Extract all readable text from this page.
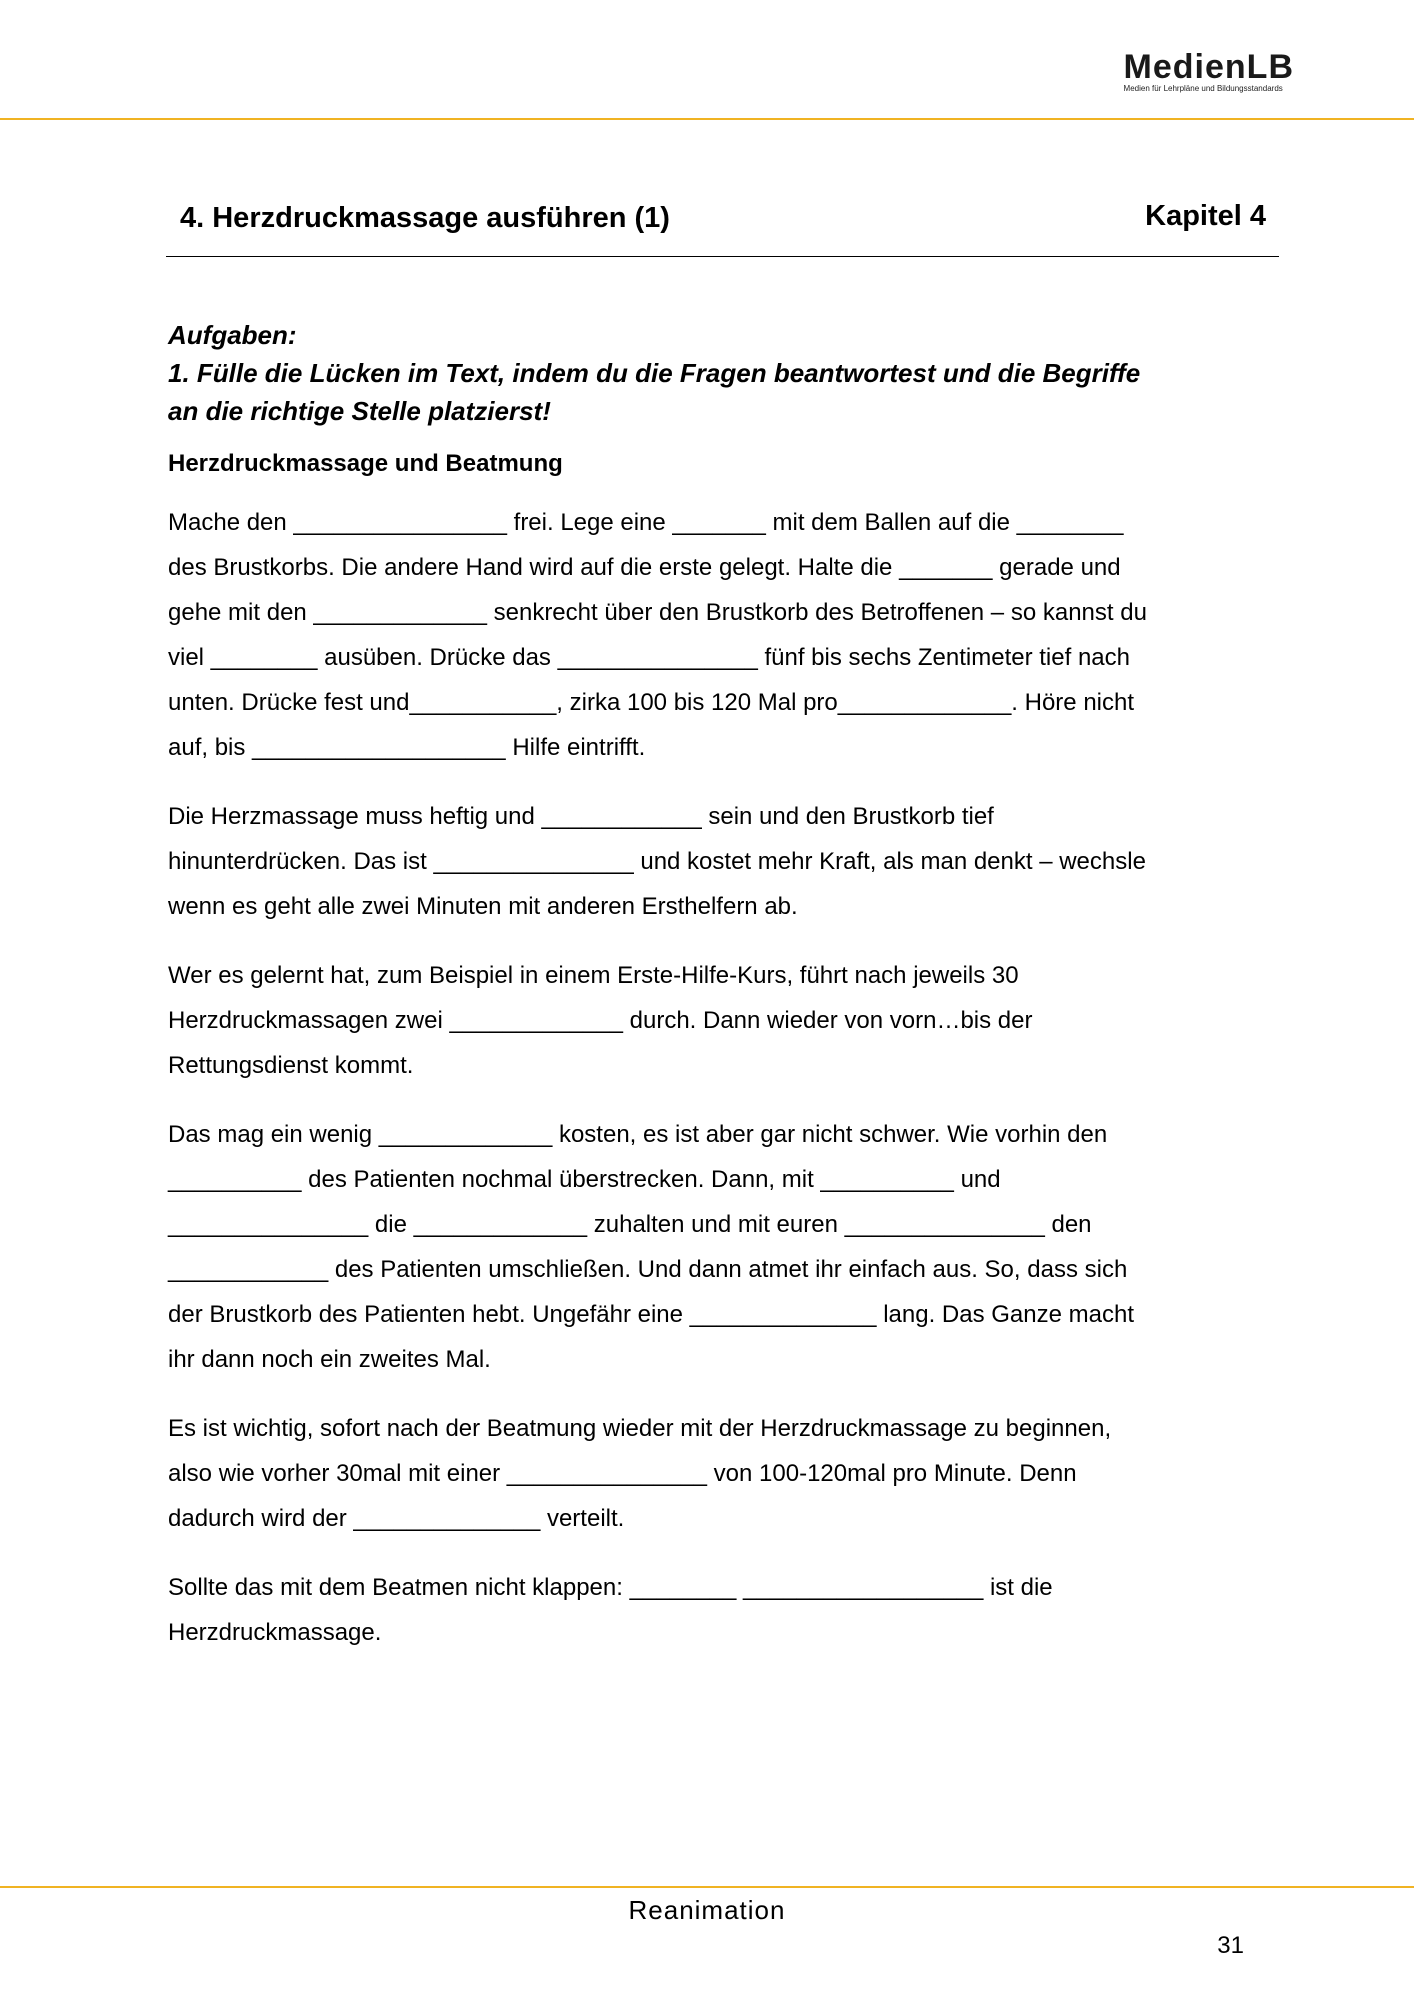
MedienLB
Medien für Lehrpläne und Bildungsstandards
4. Herzdruckmassage ausführen (1)	Kapitel 4
Aufgaben:
1. Fülle die Lücken im Text, indem du die Fragen beantwortest und die Begriffe
an die richtige Stelle platzierst!
Herzdruckmassage und Beatmung
Mache den ________________ frei. Lege eine _______ mit dem Ballen auf die ________
des Brustkorbs. Die andere Hand wird auf die erste gelegt. Halte die _______ gerade und
gehe mit den _____________ senkrecht über den Brustkorb des Betroffenen – so kannst du
viel ________ ausüben. Drücke das _______________ fünf bis sechs Zentimeter tief nach
unten. Drücke fest und___________, zirka 100 bis 120 Mal pro_____________. Höre nicht
auf, bis ___________________ Hilfe eintrifft.
Die Herzmassage muss heftig und ____________ sein und den Brustkorb tief
hinunterdrücken. Das ist _______________ und kostet mehr Kraft, als man denkt – wechsle
wenn es geht alle zwei Minuten mit anderen Ersthelfern ab.
Wer es gelernt hat, zum Beispiel in einem Erste-Hilfe-Kurs, führt nach jeweils 30
Herzdruckmassagen zwei _____________ durch. Dann wieder von vorn…bis der
Rettungsdienst kommt.
Das mag ein wenig _____________ kosten, es ist aber gar nicht schwer. Wie vorhin den
__________ des Patienten nochmal überstrecken. Dann, mit __________ und
_______________ die _____________ zuhalten und mit euren _______________ den
____________ des Patienten umschließen. Und dann atmet ihr einfach aus. So, dass sich
der Brustkorb des Patienten hebt. Ungefähr eine ______________ lang. Das Ganze macht
ihr dann noch ein zweites Mal.
Es ist wichtig, sofort nach der Beatmung wieder mit der Herzdruckmassage zu beginnen,
also wie vorher 30mal mit einer _______________ von 100-120mal pro Minute. Denn
dadurch wird der ______________ verteilt.
Sollte das mit dem Beatmen nicht klappen: ________ __________________ ist die
Herzdruckmassage.
Reanimation
31
